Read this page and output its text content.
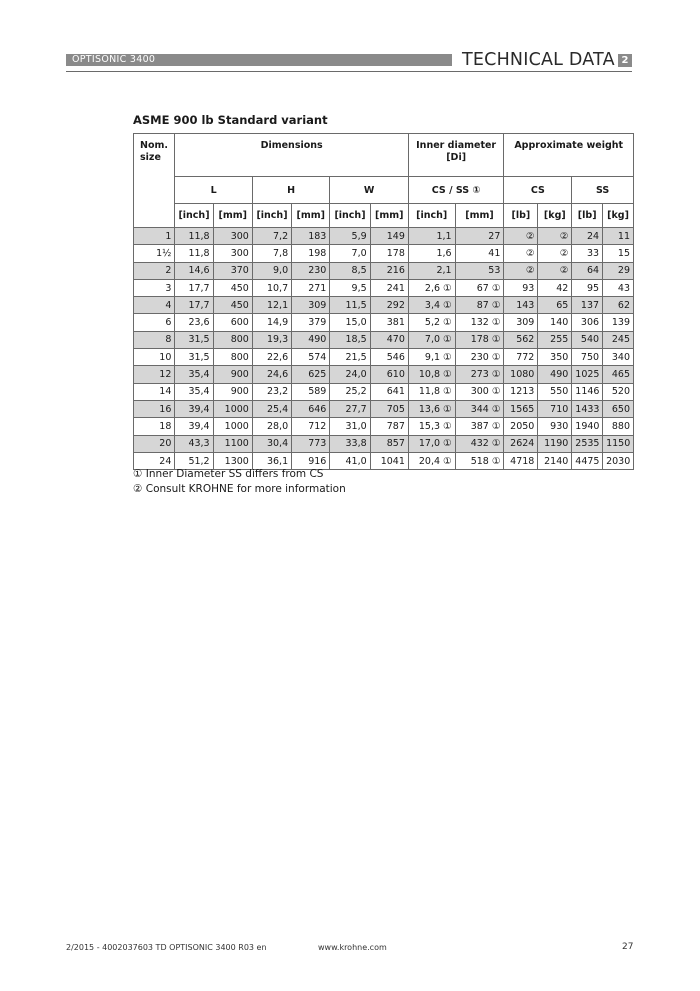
OPTISONIC 3400	TECHNICAL DATA 2
ASME 900 lb Standard variant
Nom. size	Dimensions						Inner diameter [Di]		Approximate weight			
	L		H		W		CS / SS ①		CS		SS	
	[inch]	[mm]	[inch]	[mm]	[inch]	[mm]	[inch]	[mm]	[lb]	[kg]	[lb]	[kg]
1	11,8	300	7,2	183	5,9	149	1,1	27	②	②	24	11
1½	11,8	300	7,8	198	7,0	178	1,6	41	②	②	33	15
2	14,6	370	9,0	230	8,5	216	2,1	53	②	②	64	29
3	17,7	450	10,7	271	9,5	241	2,6 ①	67 ①	93	42	95	43
4	17,7	450	12,1	309	11,5	292	3,4 ①	87 ①	143	65	137	62
6	23,6	600	14,9	379	15,0	381	5,2 ①	132 ①	309	140	306	139
8	31,5	800	19,3	490	18,5	470	7,0 ①	178 ①	562	255	540	245
10	31,5	800	22,6	574	21,5	546	9,1 ①	230 ①	772	350	750	340
12	35,4	900	24,6	625	24,0	610	10,8 ①	273 ①	1080	490	1025	465
14	35,4	900	23,2	589	25,2	641	11,8 ①	300 ①	1213	550	1146	520
16	39,4	1000	25,4	646	27,7	705	13,6 ①	344 ①	1565	710	1433	650
18	39,4	1000	28,0	712	31,0	787	15,3 ①	387 ①	2050	930	1940	880
20	43,3	1100	30,4	773	33,8	857	17,0 ①	432 ①	2624	1190	2535	1150
24	51,2	1300	36,1	916	41,0	1041	20,4 ①	518 ①	4718	2140	4475	2030
① Inner Diameter SS differs from CS
② Consult KROHNE for more information
2/2015 - 4002037603 TD OPTISONIC 3400 R03 en	www.krohne.com	27
